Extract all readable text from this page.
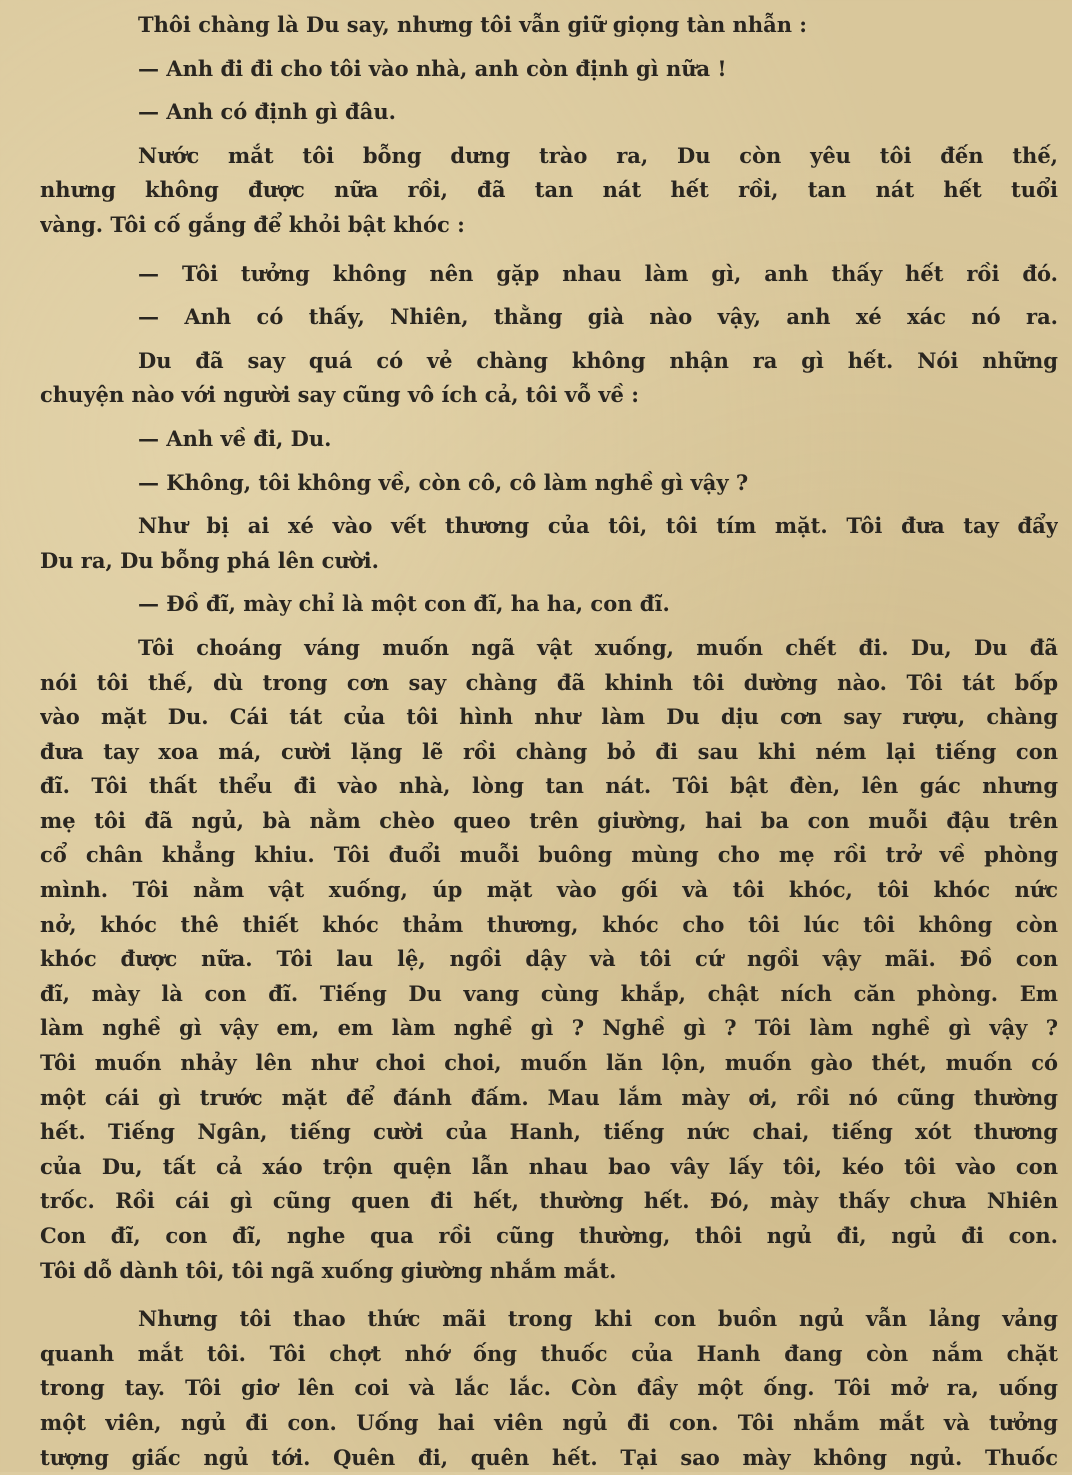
Thôi chàng là Du say, nhưng tôi vẫn giữ giọng tàn nhẫn :
— Anh đi đi cho tôi vào nhà, anh còn định gì nữa !
— Anh có định gì đâu.
Nước mắt tôi bỗng dưng trào ra, Du còn yêu tôi đến thế,
nhưng không được nữa rồi, đã tan nát hết rồi, tan nát hết tuổi
vàng. Tôi cố gắng để khỏi bật khóc :
— Tôi tưởng không nên gặp nhau làm gì, anh thấy hết rồi đó.
— Anh có thấy, Nhiên, thằng già nào vậy, anh xé xác nó ra.
Du đã say quá có vẻ chàng không nhận ra gì hết. Nói những
chuyện nào với người say cũng vô ích cả, tôi vỗ về :
— Anh về đi, Du.
— Không, tôi không về, còn cô, cô làm nghề gì vậy ?
Như bị ai xé vào vết thương của tôi, tôi tím mặt. Tôi đưa tay đẩy
Du ra, Du bỗng phá lên cười.
— Đồ đĩ, mày chỉ là một con đĩ, ha ha, con đĩ.
Tôi choáng váng muốn ngã vật xuống, muốn chết đi. Du, Du đã
nói tôi thế, dù trong cơn say chàng đã khinh tôi dường nào. Tôi tát bốp
vào mặt Du. Cái tát của tôi hình như làm Du dịu cơn say rượu, chàng
đưa tay xoa má, cười lặng lẽ rồi chàng bỏ đi sau khi ném lại tiếng con
đĩ. Tôi thất thểu đi vào nhà, lòng tan nát. Tôi bật đèn, lên gác nhưng
mẹ tôi đã ngủ, bà nằm chèo queo trên giường, hai ba con muỗi đậu trên
cổ chân khẳng khiu. Tôi đuổi muỗi buông mùng cho mẹ rồi trở về phòng
mình. Tôi nằm vật xuống, úp mặt vào gối và tôi khóc, tôi khóc nức
nở, khóc thê thiết khóc thảm thương, khóc cho tôi lúc tôi không còn
khóc được nữa. Tôi lau lệ, ngồi dậy và tôi cứ ngồi vậy mãi. Đồ con
đĩ, mày là con đĩ. Tiếng Du vang cùng khắp, chật ních căn phòng. Em
làm nghề gì vậy em, em làm nghề gì ? Nghề gì ? Tôi làm nghề gì vậy ?
Tôi muốn nhảy lên như choi choi, muốn lăn lộn, muốn gào thét, muốn có
một cái gì trước mặt để đánh đấm. Mau lắm mày ơi, rồi nó cũng thường
hết. Tiếng Ngân, tiếng cười của Hanh, tiếng nức chai, tiếng xót thương
của Du, tất cả xáo trộn quện lẫn nhau bao vây lấy tôi, kéo tôi vào con
trốc. Rồi cái gì cũng quen đi hết, thường hết. Đó, mày thấy chưa Nhiên
Con đĩ, con đĩ, nghe qua rồi cũng thường, thôi ngủ đi, ngủ đi con.
Tôi dỗ dành tôi, tôi ngã xuống giường nhắm mắt.
Nhưng tôi thao thức mãi trong khi con buồn ngủ vẫn lảng vảng
quanh mắt tôi. Tôi chợt nhớ ống thuốc của Hanh đang còn nắm chặt
trong tay. Tôi giơ lên coi và lắc lắc. Còn đầy một ống. Tôi mở ra, uống
một viên, ngủ đi con. Uống hai viên ngủ đi con. Tôi nhắm mắt và tưởng
tượng giấc ngủ tới. Quên đi, quên hết. Tại sao mày không ngủ. Thuốc
